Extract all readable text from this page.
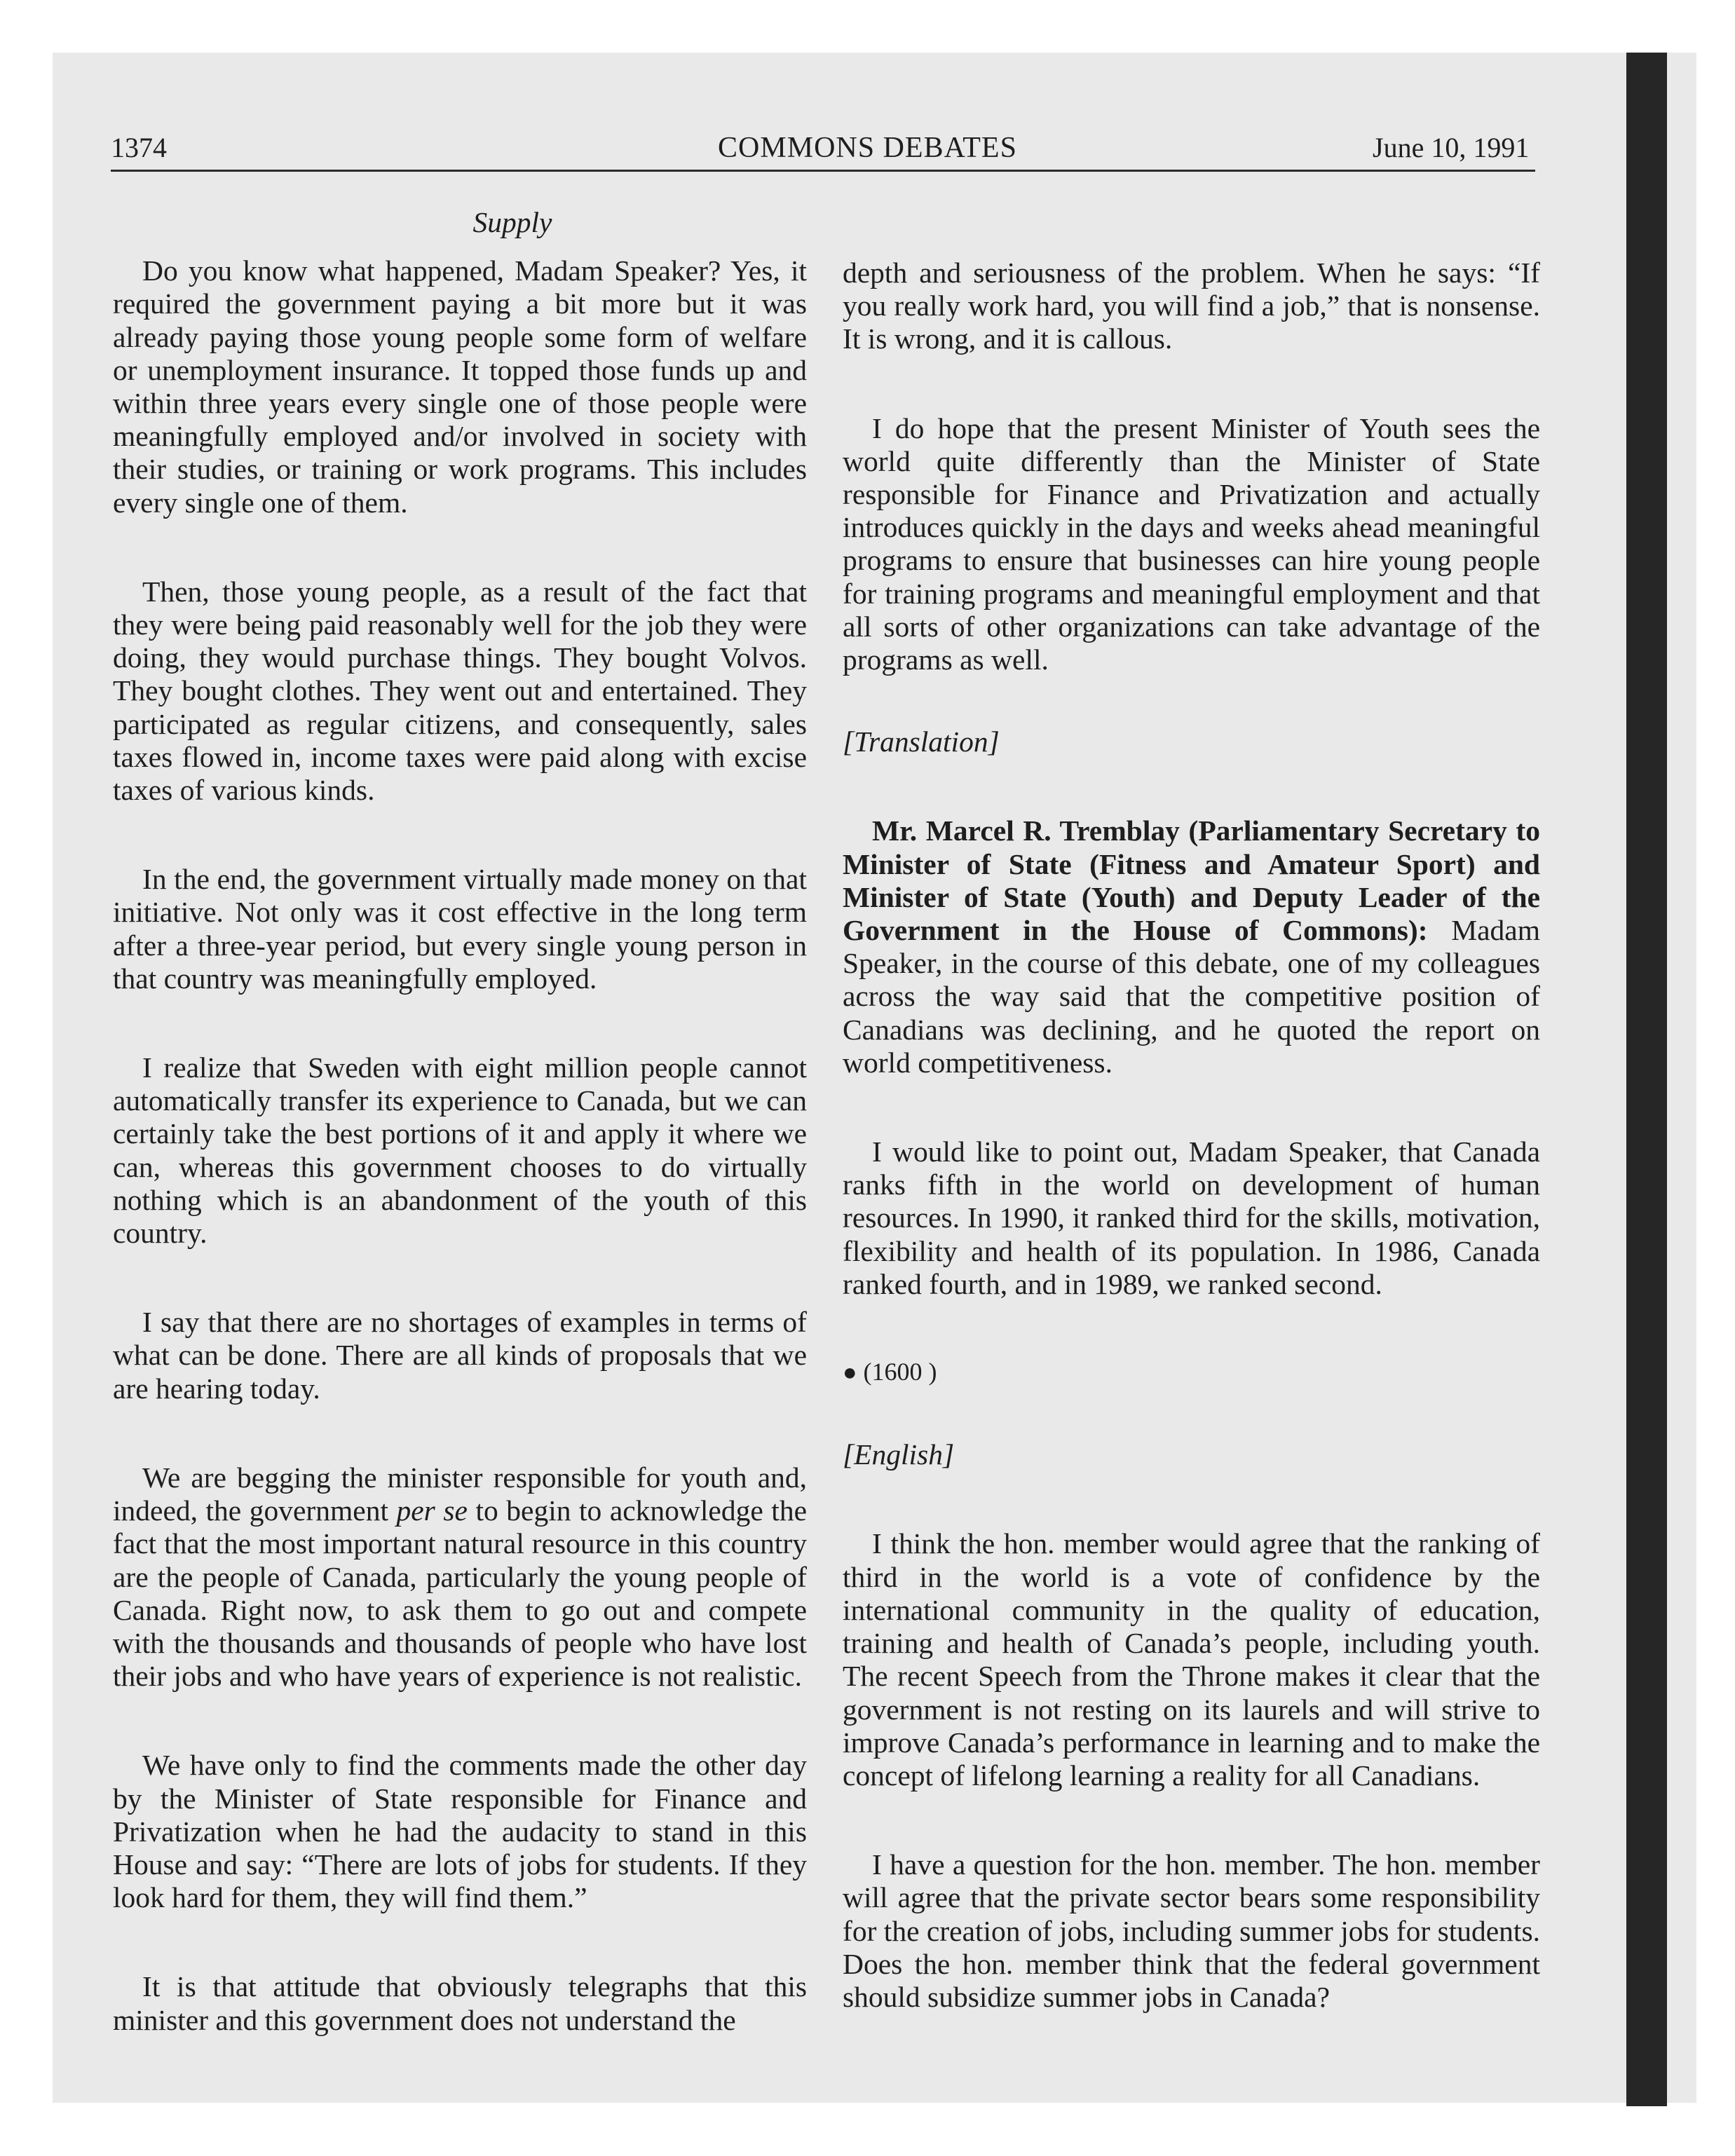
1374	COMMONS DEBATES	June 10, 1991

Supply

Do you know what happened, Madam Speaker? Yes, it required the government paying a bit more but it was already paying those young people some form of welfare or unemployment insurance. It topped those funds up and within three years every single one of those people were meaningfully employed and/or involved in society with their studies, or training or work programs. This includes every single one of them.

Then, those young people, as a result of the fact that they were being paid reasonably well for the job they were doing, they would purchase things. They bought Volvos. They bought clothes. They went out and entertained. They participated as regular citizens, and consequently, sales taxes flowed in, income taxes were paid along with excise taxes of various kinds.

In the end, the government virtually made money on that initiative. Not only was it cost effective in the long term after a three-year period, but every single young person in that country was meaningfully employed.

I realize that Sweden with eight million people cannot automatically transfer its experience to Canada, but we can certainly take the best portions of it and apply it where we can, whereas this government chooses to do virtually nothing which is an abandonment of the youth of this country.

I say that there are no shortages of examples in terms of what can be done. There are all kinds of proposals that we are hearing today.

We are begging the minister responsible for youth and, indeed, the government per se to begin to acknowledge the fact that the most important natural resource in this country are the people of Canada, particularly the young people of Canada. Right now, to ask them to go out and compete with the thousands and thousands of people who have lost their jobs and who have years of experience is not realistic.

We have only to find the comments made the other day by the Minister of State responsible for Finance and Privatization when he had the audacity to stand in this House and say: “There are lots of jobs for students. If they look hard for them, they will find them.”

It is that attitude that obviously telegraphs that this minister and this government does not understand the

depth and seriousness of the problem. When he says: “If you really work hard, you will find a job,” that is nonsense. It is wrong, and it is callous.

I do hope that the present Minister of Youth sees the world quite differently than the Minister of State responsible for Finance and Privatization and actually introduces quickly in the days and weeks ahead meaningful programs to ensure that businesses can hire young people for training programs and meaningful employment and that all sorts of other organizations can take advantage of the programs as well.

[Translation]

Mr. Marcel R. Tremblay (Parliamentary Secretary to Minister of State (Fitness and Amateur Sport) and Minister of State (Youth) and Deputy Leader of the Government in the House of Commons): Madam Speaker, in the course of this debate, one of my colleagues across the way said that the competitive position of Canadians was declining, and he quoted the report on world competitiveness.

I would like to point out, Madam Speaker, that Canada ranks fifth in the world on development of human resources. In 1990, it ranked third for the skills, motivation, flexibility and health of its population. In 1986, Canada ranked fourth, and in 1989, we ranked second.

● (1600 )

[English]

I think the hon. member would agree that the ranking of third in the world is a vote of confidence by the international community in the quality of education, training and health of Canada’s people, including youth. The recent Speech from the Throne makes it clear that the government is not resting on its laurels and will strive to improve Canada’s performance in learning and to make the concept of lifelong learning a reality for all Canadians.

I have a question for the hon. member. The hon. member will agree that the private sector bears some responsibility for the creation of jobs, including summer jobs for students. Does the hon. member think that the federal government should subsidize summer jobs in Canada?
